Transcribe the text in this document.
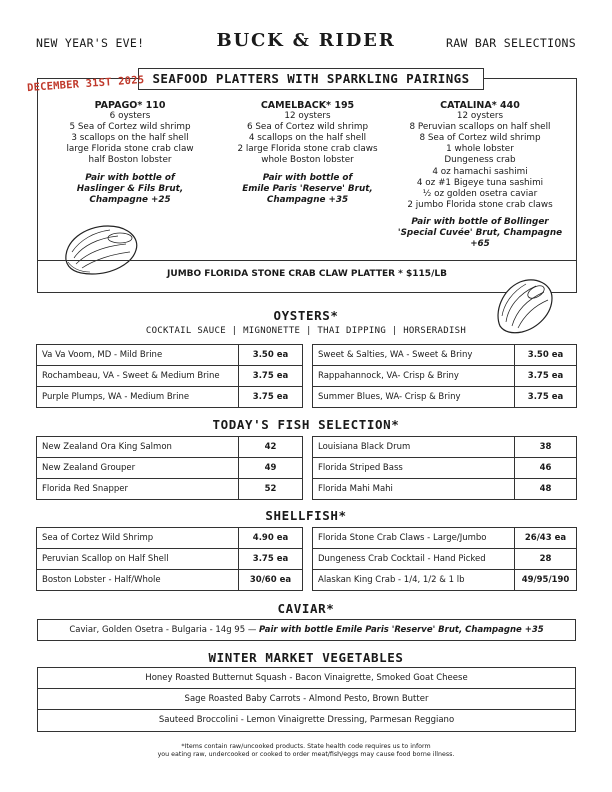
NEW YEAR'S EVE!	BUCK & RIDER	RAW BAR SELECTIONS
SEAFOOD PLATTERS WITH SPARKLING PAIRINGS
DECEMBER 31ST 2025
PAPAGO* 110
6 oysters
5 Sea of Cortez wild shrimp
3 scallops on the half shell
large Florida stone crab claw
half Boston lobster
Pair with bottle of
Haslinger & Fils Brut,
Champagne +25
CAMELBACK* 195
12 oysters
6 Sea of Cortez wild shrimp
4 scallops on the half shell
2 large Florida stone crab claws
whole Boston lobster
Pair with bottle of
Emile Paris 'Reserve' Brut,
Champagne +35
CATALINA* 440
12 oysters
8 Peruvian scallops on half shell
8 Sea of Cortez wild shrimp
1 whole lobster
Dungeness crab
4 oz hamachi sashimi
4 oz #1 Bigeye tuna sashimi
½ oz golden osetra caviar
2 jumbo Florida stone crab claws
Pair with bottle of Bollinger
'Special Cuvée' Brut, Champagne +65
JUMBO FLORIDA STONE CRAB CLAW PLATTER * $115/LB
OYSTERS*
COCKTAIL SAUCE | MIGNONETTE | THAI DIPPING | HORSERADISH
Va Va Voom, MD - Mild Brine	3.50 ea
Rochambeau, VA - Sweet & Medium Brine	3.75 ea
Purple Plumps, WA - Medium Brine	3.75 ea
Sweet & Salties, WA - Sweet & Briny	3.50 ea
Rappahannock, VA- Crisp & Briny	3.75 ea
Summer Blues, WA- Crisp & Briny	3.75 ea
TODAY'S FISH SELECTION*
New Zealand Ora King Salmon	42
New Zealand Grouper	49
Florida Red Snapper	52
Louisiana Black Drum	38
Florida Striped Bass	46
Florida Mahi Mahi	48
SHELLFISH*
Sea of Cortez Wild Shrimp	4.90 ea
Peruvian Scallop on Half Shell	3.75 ea
Boston Lobster - Half/Whole	30/60 ea
Florida Stone Crab Claws - Large/Jumbo	26/43 ea
Dungeness Crab Cocktail - Hand Picked	28
Alaskan King Crab - 1/4, 1/2 & 1 lb	49/95/190
CAVIAR*
Caviar, Golden Osetra - Bulgaria - 14g 95 — Pair with bottle Emile Paris 'Reserve' Brut, Champagne +35
WINTER MARKET VEGETABLES
Honey Roasted Butternut Squash - Bacon Vinaigrette, Smoked Goat Cheese
Sage Roasted Baby Carrots - Almond Pesto, Brown Butter
Sauteed Broccolini - Lemon Vinaigrette Dressing, Parmesan Reggiano
*Items contain raw/uncooked products. State health code requires us to inform
you eating raw, undercooked or cooked to order meat/fish/eggs may cause food borne illness.
